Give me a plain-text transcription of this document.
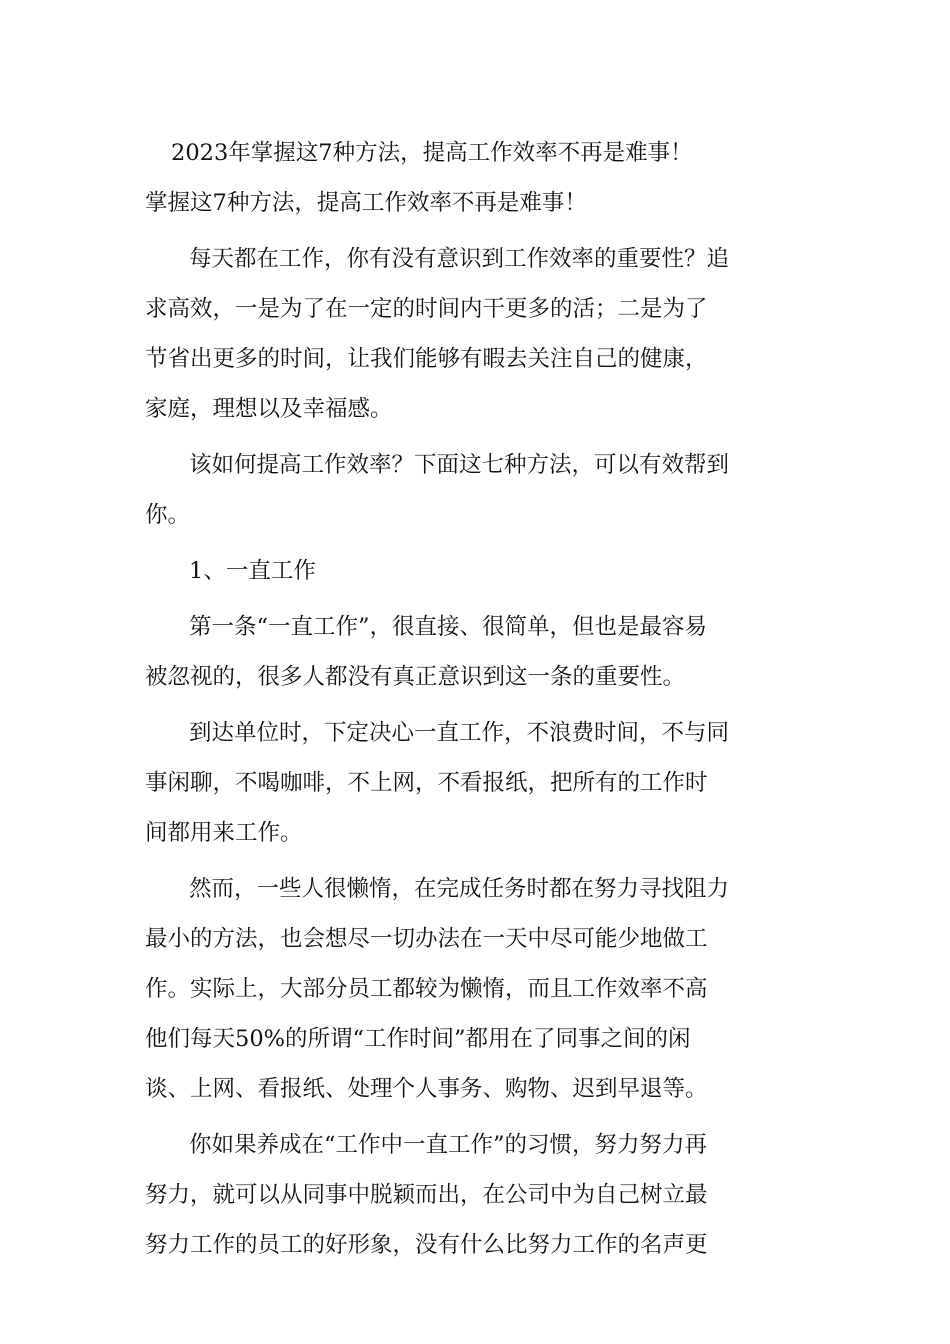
2023年掌握这7种方法，提高工作效率不再是难事！
掌握这7种方法，提高工作效率不再是难事！
每天都在工作，你有没有意识到工作效率的重要性？追
求高效，一是为了在一定的时间内干更多的活；二是为了
节省出更多的时间，让我们能够有暇去关注自己的健康，
家庭，理想以及幸福感。
该如何提高工作效率？下面这七种方法，可以有效帮到
你。
1、一直工作
第一条“一直工作”，很直接、很简单，但也是最容易
被忽视的，很多人都没有真正意识到这一条的重要性。
到达单位时，下定决心一直工作，不浪费时间，不与同
事闲聊，不喝咖啡，不上网，不看报纸，把所有的工作时
间都用来工作。
然而，一些人很懒惰，在完成任务时都在努力寻找阻力
最小的方法，也会想尽一切办法在一天中尽可能少地做工
作。实际上，大部分员工都较为懒惰，而且工作效率不高
他们每天50%的所谓“工作时间”都用在了同事之间的闲
谈、上网、看报纸、处理个人事务、购物、迟到早退等。
你如果养成在“工作中一直工作”的习惯，努力努力再
努力，就可以从同事中脱颖而出，在公司中为自己树立最
努力工作的员工的好形象，没有什么比努力工作的名声更
